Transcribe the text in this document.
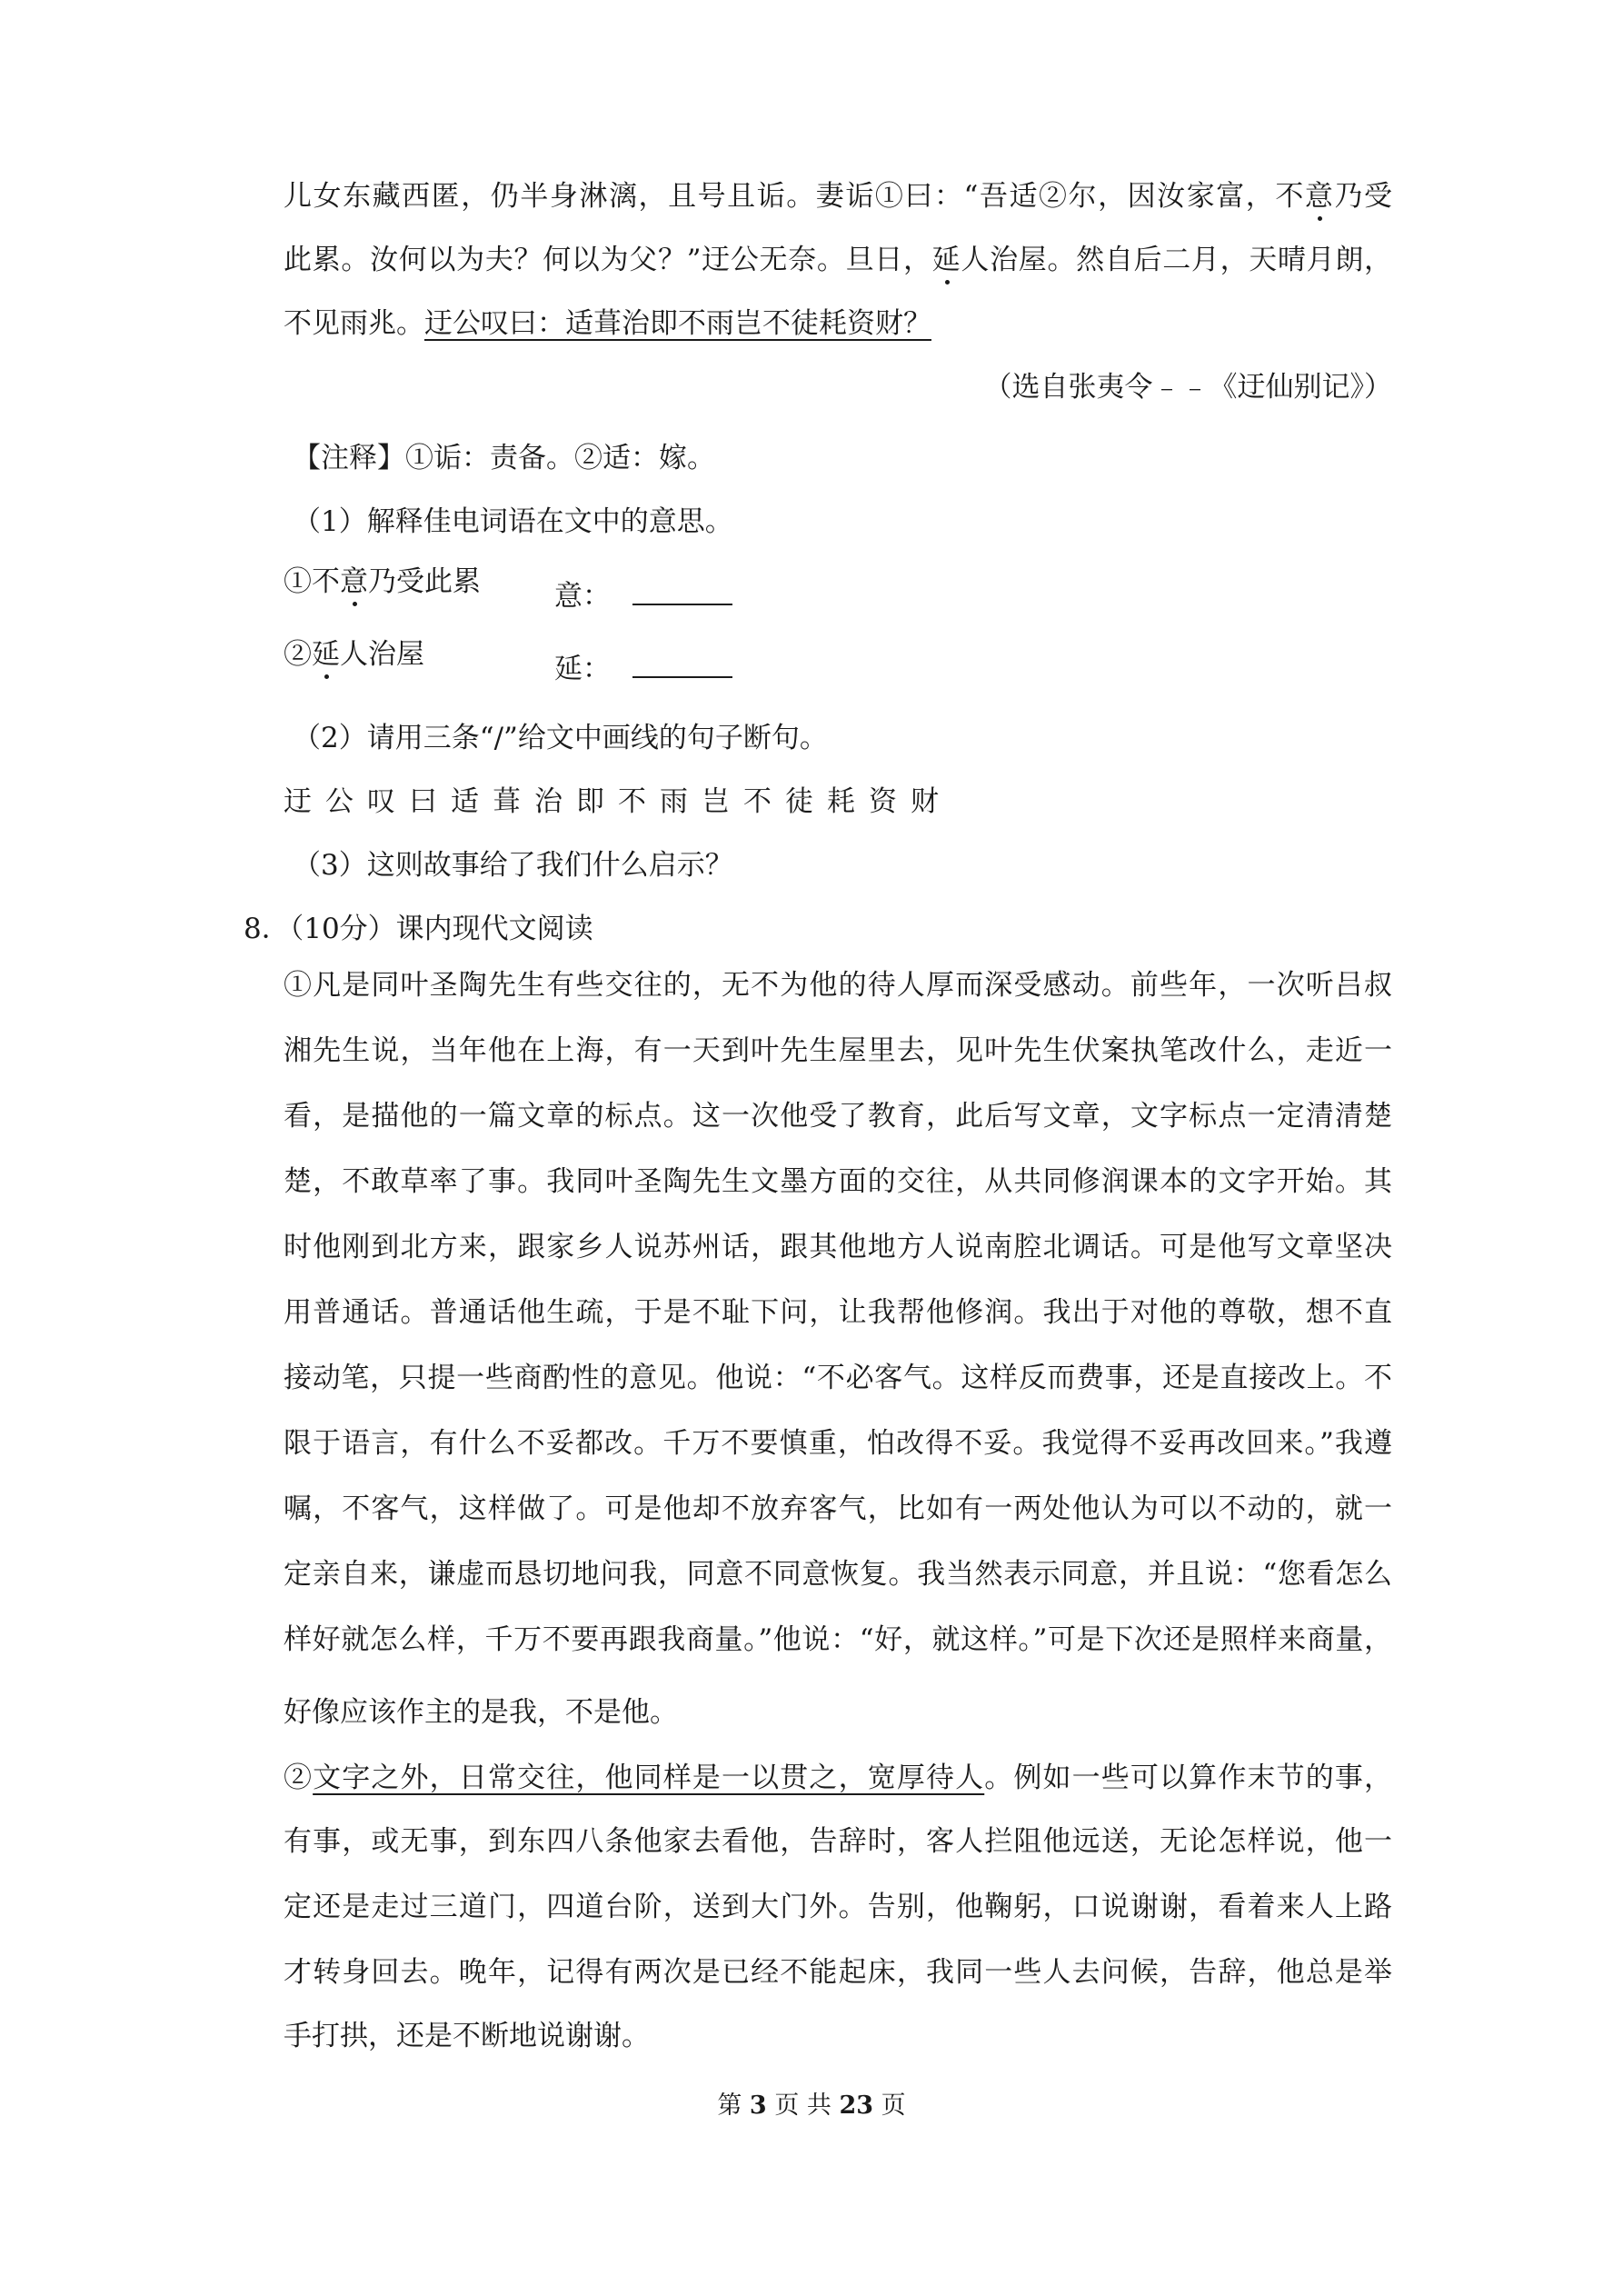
儿女东藏西匿，仍半身淋漓，且号且诟。妻诟①曰：“吾适②尔，因汝家富，不意乃受
此累。汝何以为夫？何以为父？”迂公无奈。旦日，延人治屋。然自后二月，天晴月朗，
不见雨兆。迂公叹曰：适葺治即不雨岂不徒耗资财？
（选自张夷令﹣﹣《迂仙别记》）
【注释】①诟：责备。②适：嫁。
（1）解释佳电词语在文中的意思。
①不意乃受此累	意：
②延人治屋	延：
（2）请用三条“/”给文中画线的句子断句。
迂公叹曰适葺治即不雨岂不徒耗资财
（3）这则故事给了我们什么启示？
8．（10分）课内现代文阅读
①凡是同叶圣陶先生有些交往的，无不为他的待人厚而深受感动。前些年，一次听吕叔
湘先生说，当年他在上海，有一天到叶先生屋里去，见叶先生伏案执笔改什么，走近一
看，是描他的一篇文章的标点。这一次他受了教育，此后写文章，文字标点一定清清楚
楚，不敢草率了事。我同叶圣陶先生文墨方面的交往，从共同修润课本的文字开始。其
时他刚到北方来，跟家乡人说苏州话，跟其他地方人说南腔北调话。可是他写文章坚决
用普通话。普通话他生疏，于是不耻下问，让我帮他修润。我出于对他的尊敬，想不直
接动笔，只提一些商酌性的意见。他说：“不必客气。这样反而费事，还是直接改上。不
限于语言，有什么不妥都改。千万不要慎重，怕改得不妥。我觉得不妥再改回来。”我遵
嘱，不客气，这样做了。可是他却不放弃客气，比如有一两处他认为可以不动的，就一
定亲自来，谦虚而恳切地问我，同意不同意恢复。我当然表示同意，并且说：“您看怎么
样好就怎么样，千万不要再跟我商量。”他说：“好，就这样。”可是下次还是照样来商量，
好像应该作主的是我，不是他。
②文字之外，日常交往，他同样是一以贯之，宽厚待人。例如一些可以算作末节的事，
有事，或无事，到东四八条他家去看他，告辞时，客人拦阻他远送，无论怎样说，他一
定还是走过三道门，四道台阶，送到大门外。告别，他鞠躬，口说谢谢，看着来人上路
才转身回去。晚年，记得有两次是已经不能起床，我同一些人去问候，告辞，他总是举
手打拱，还是不断地说谢谢。
第 3 页 共 23 页
